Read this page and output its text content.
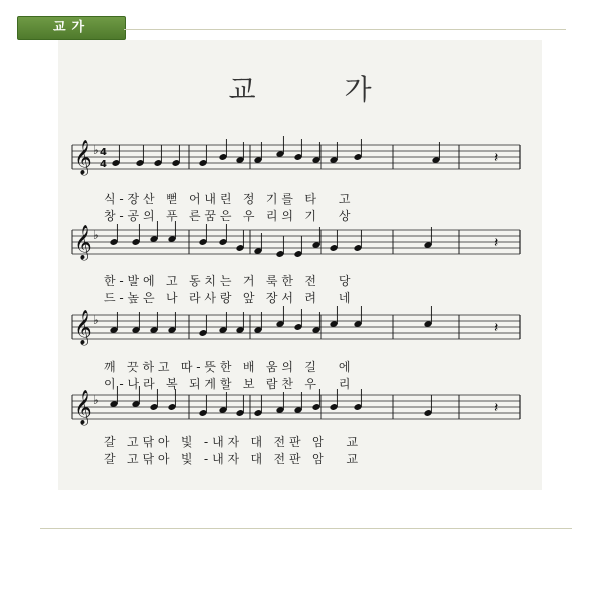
교가
교 가
𝄞 ♭ 4
4	𝄽
𝄞 ♭	𝄽
𝄞 ♭	𝄽
𝄞 ♭	𝄽
식 - 장 산   뻗   어 내 린   정   기 를   타      고
창 - 공 의   푸   른 꿈 은   우   리 의   기      상
한 - 발 에   고   동 치 는   거   룩 한   전      당
드 - 높 은   나   라 사 랑   앞   장 서   려      네
깨   끗 하 고   따 - 뜻 한   배   움 의   길      에
이 - 나 라   복   되 게 할   보   람 찬   우      리
갈   고 닦 아   빛   - 내 자   대   전 판   암      교
갈   고 닦 아   빛   - 내 자   대   전 판   암      교
